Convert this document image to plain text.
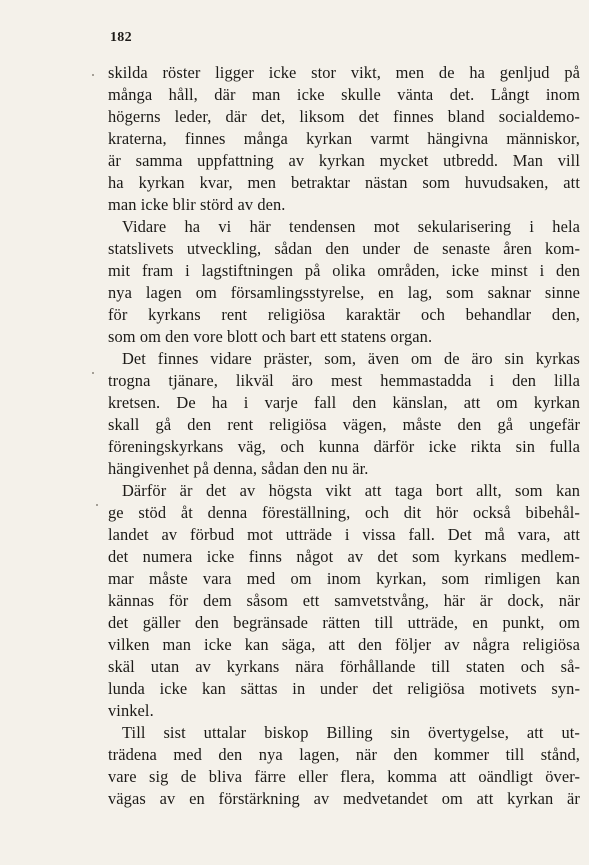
182
skilda röster ligger icke stor vikt, men de ha genljud på
många håll, där man icke skulle vänta det. Långt inom
högerns leder, där det, liksom det finnes bland socialdemo-
kraterna, finnes många kyrkan varmt hängivna människor,
är samma uppfattning av kyrkan mycket utbredd. Man vill
ha kyrkan kvar, men betraktar nästan som huvudsaken, att
man icke blir störd av den.
Vidare ha vi här tendensen mot sekularisering i hela
statslivets utveckling, sådan den under de senaste åren kom-
mit fram i lagstiftningen på olika områden, icke minst i den
nya lagen om församlingsstyrelse, en lag, som saknar sinne
för kyrkans rent religiösa karaktär och behandlar den,
som om den vore blott och bart ett statens organ.
Det finnes vidare präster, som, även om de äro sin kyrkas
trogna tjänare, likväl äro mest hemmastadda i den lilla
kretsen. De ha i varje fall den känslan, att om kyrkan
skall gå den rent religiösa vägen, måste den gå ungefär
föreningskyrkans väg, och kunna därför icke rikta sin fulla
hängivenhet på denna, sådan den nu är.
Därför är det av högsta vikt att taga bort allt, som kan
ge stöd åt denna föreställning, och dit hör också bibehål-
landet av förbud mot utträde i vissa fall. Det må vara, att
det numera icke finns något av det som kyrkans medlem-
mar måste vara med om inom kyrkan, som rimligen kan
kännas för dem såsom ett samvetstvång, här är dock, när
det gäller den begränsade rätten till utträde, en punkt, om
vilken man icke kan säga, att den följer av några religiösa
skäl utan av kyrkans nära förhållande till staten och så-
lunda icke kan sättas in under det religiösa motivets syn-
vinkel.
Till sist uttalar biskop Billing sin övertygelse, att ut-
trädena med den nya lagen, när den kommer till stånd,
vare sig de bliva färre eller flera, komma att oändligt över-
vägas av en förstärkning av medvetandet om att kyrkan är
